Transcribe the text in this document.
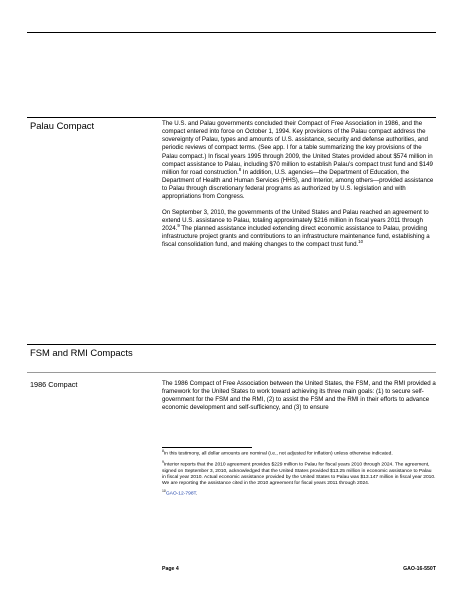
Palau Compact	The U.S. and Palau governments concluded their Compact of Free Association in 1986, and the compact entered into force on October 1, 1994. Key provisions of the Palau compact address the sovereignty of Palau, types and amounts of U.S. assistance, security and defense authorities, and periodic reviews of compact terms. (See app. I for a table summarizing the key provisions of the Palau compact.) In fiscal years 1995 through 2009, the United States provided about $574 million in compact assistance to Palau, including $70 million to establish Palau’s compact trust fund and $149 million for road construction.$^8$ In addition, U.S. agencies—the Department of Education, the Department of Health and Human Services (HHS), and Interior, among others—provided assistance to Palau through discretionary federal programs as authorized by U.S. legislation and with appropriations from Congress.

On September 3, 2010, the governments of the United States and Palau reached an agreement to extend U.S. assistance to Palau, totaling approximately $216 million in fiscal years 2011 through 2024.$^9$ The planned assistance included extending direct economic assistance to Palau, providing infrastructure project grants and contributions to an infrastructure maintenance fund, establishing a fiscal consolidation fund, and making changes to the compact trust fund.$^{10}$

FSM and RMI Compacts
1986 Compact	The 1986 Compact of Free Association between the United States, the FSM, and the RMI provided a framework for the United States to work toward achieving its three main goals: (1) to secure self-government for the FSM and the RMI, (2) to assist the FSM and the RMI in their efforts to advance economic development and self-sufficiency, and (3) to ensure

$^8$In this testimony, all dollar amounts are nominal (i.e., not adjusted for inflation) unless otherwise indicated.

$^9$Interior reports that the 2010 agreement provides $229 million to Palau for fiscal years 2010 through 2024. The agreement, signed on September 3, 2010, acknowledged that the United States provided $13.25 million in economic assistance to Palau in fiscal year 2010. Actual economic assistance provided by the United States to Palau was $13.147 million in fiscal year 2010. We are reporting the assistance cited in the 2010 agreement for fiscal years 2011 through 2024.

$^{10}$GAO-12-798T.

Page 4	GAO-16-550T
